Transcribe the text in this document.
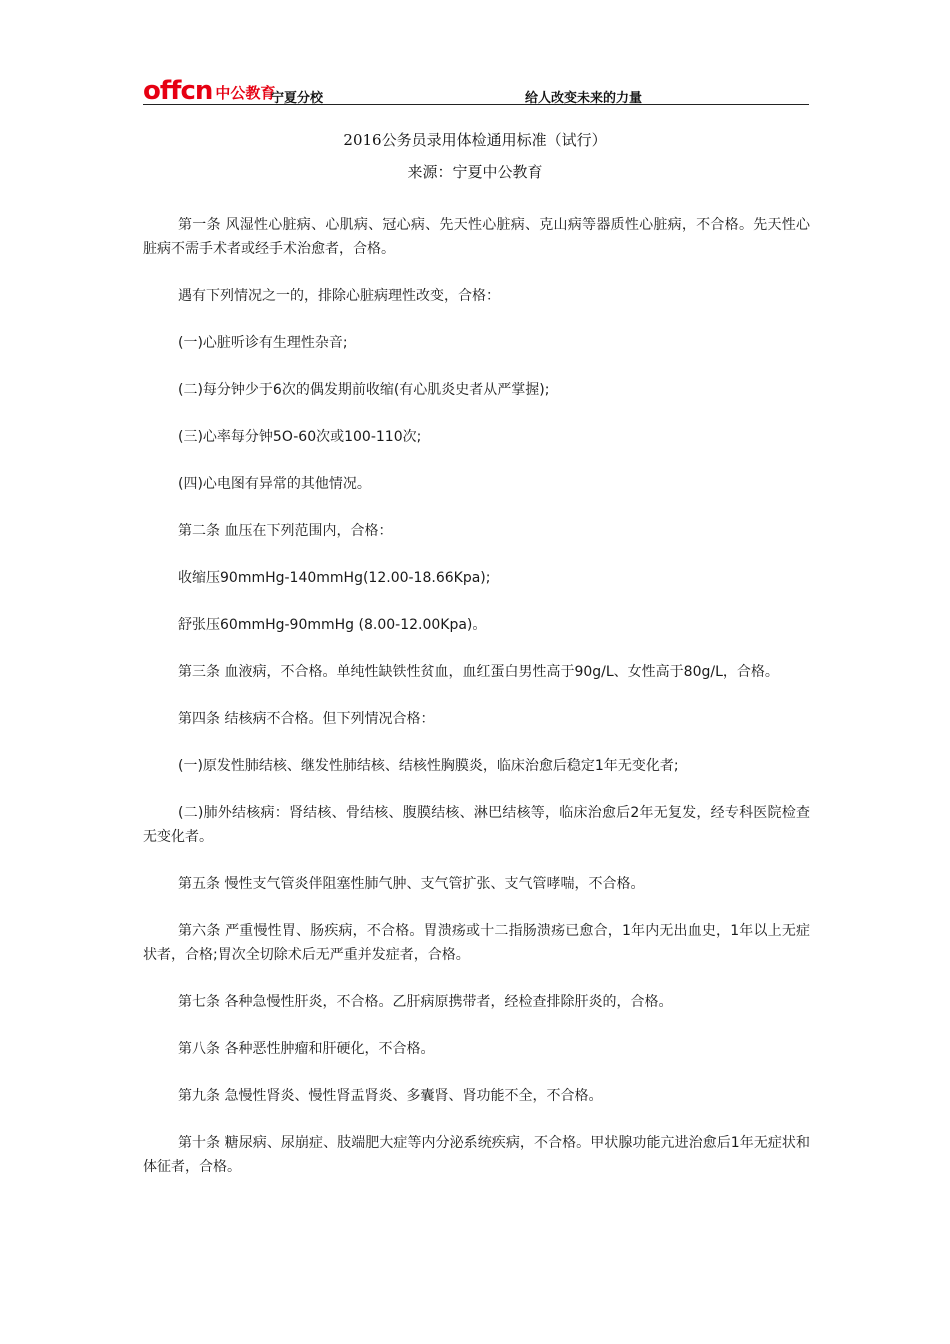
offcn 中公教育
宁夏分校	给人改变未来的力量
2016公务员录用体检通用标准（试行）
来源：宁夏中公教育

第一条 风湿性心脏病、心肌病、冠心病、先天性心脏病、克山病等器质性心脏病，不合格。先天性心脏病不需手术者或经手术治愈者，合格。

遇有下列情况之一的，排除心脏病理性改变，合格：

(一)心脏听诊有生理性杂音;

(二)每分钟少于6次的偶发期前收缩(有心肌炎史者从严掌握);

(三)心率每分钟5O-60次或100-110次;

(四)心电图有异常的其他情况。

第二条 血压在下列范围内，合格：

收缩压90mmHg-140mmHg(12.00-18.66Kpa);

舒张压60mmHg-90mmHg (8.00-12.00Kpa)。

第三条 血液病，不合格。单纯性缺铁性贫血，血红蛋白男性高于90g/L、女性高于80g/L，合格。

第四条 结核病不合格。但下列情况合格：

(一)原发性肺结核、继发性肺结核、结核性胸膜炎，临床治愈后稳定1年无变化者;

(二)肺外结核病：肾结核、骨结核、腹膜结核、淋巴结核等，临床治愈后2年无复发，经专科医院检查无变化者。

第五条 慢性支气管炎伴阻塞性肺气肿、支气管扩张、支气管哮喘，不合格。

第六条 严重慢性胃、肠疾病，不合格。胃溃疡或十二指肠溃疡已愈合，1年内无出血史，1年以上无症状者，合格;胃次全切除术后无严重并发症者，合格。

第七条 各种急慢性肝炎，不合格。乙肝病原携带者，经检查排除肝炎的，合格。

第八条 各种恶性肿瘤和肝硬化，不合格。

第九条 急慢性肾炎、慢性肾盂肾炎、多囊肾、肾功能不全，不合格。

第十条 糖尿病、尿崩症、肢端肥大症等内分泌系统疾病，不合格。甲状腺功能亢进治愈后1年无症状和体征者，合格。
